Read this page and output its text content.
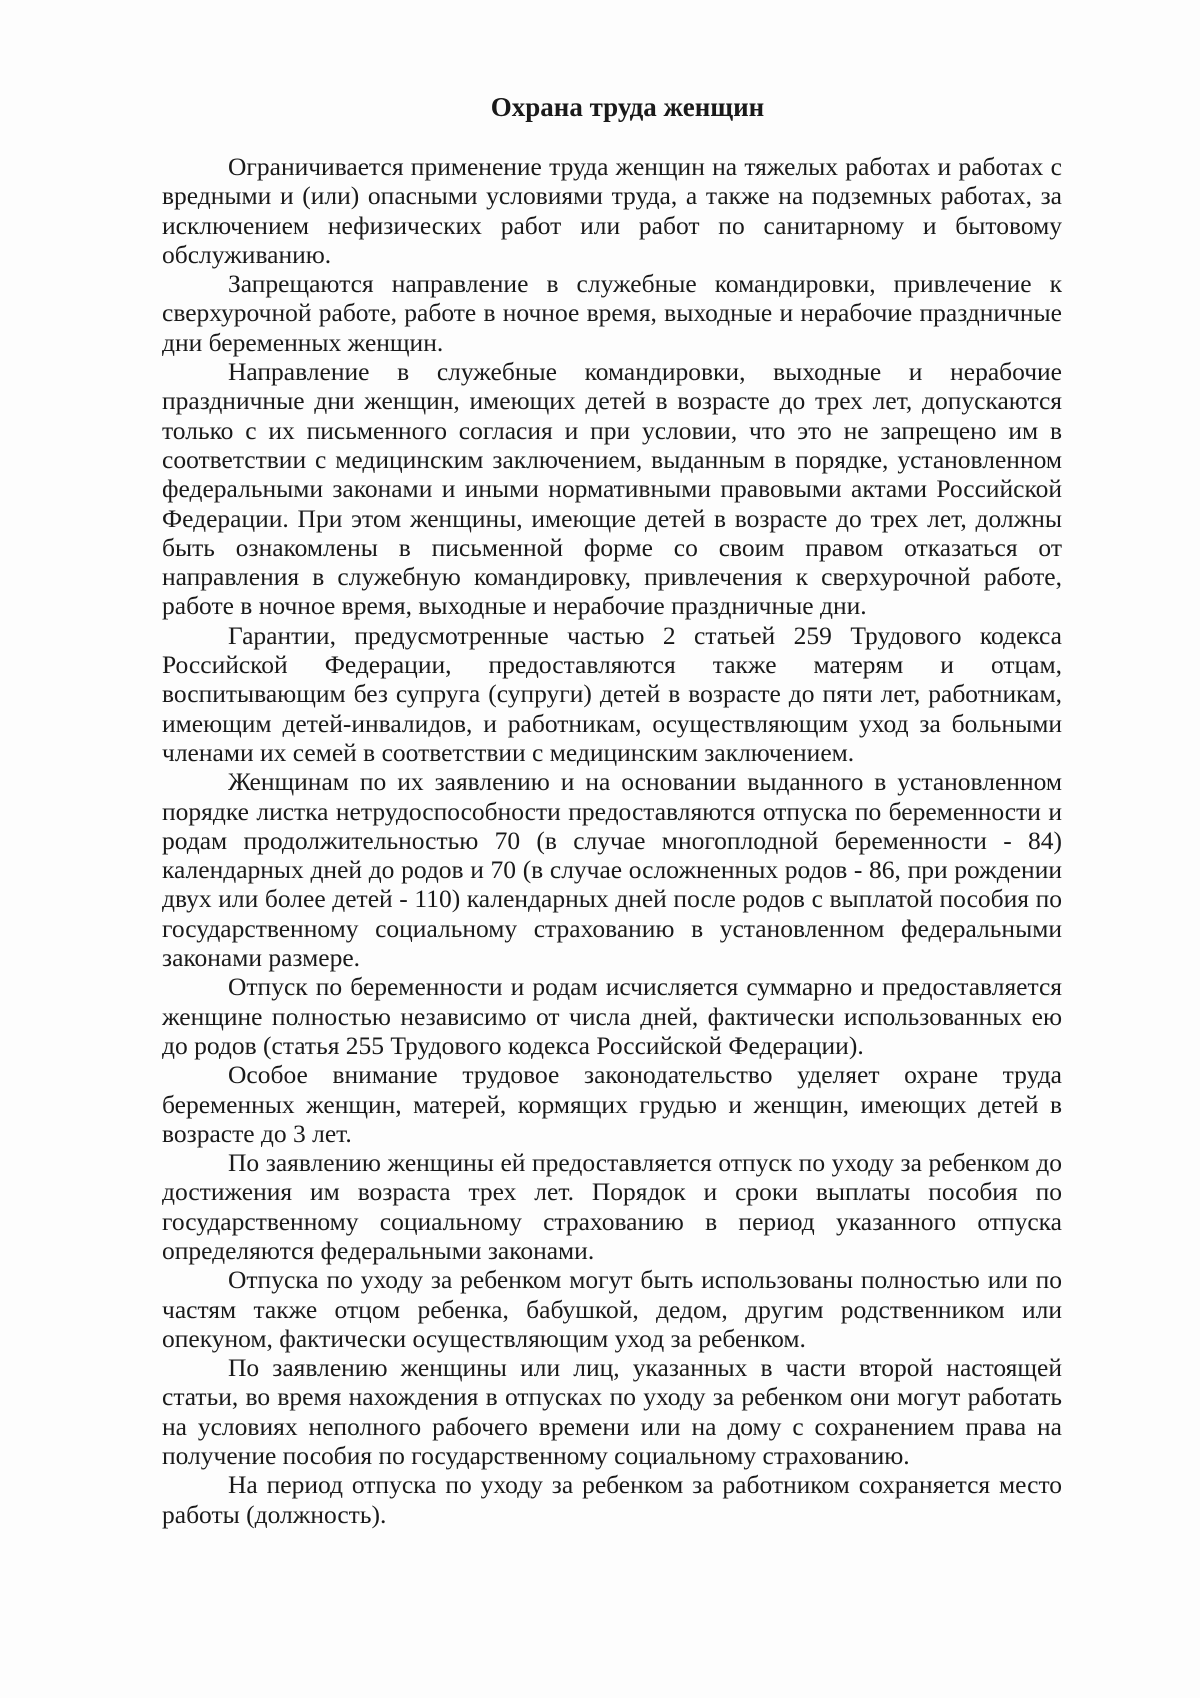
Охрана труда женщин

Ограничивается применение труда женщин на тяжелых работах и работах с вредными и (или) опасными условиями труда, а также на подземных работах, за исключением нефизических работ или работ по санитарному и бытовому обслуживанию.

Запрещаются направление в служебные командировки, привлечение к сверхурочной работе, работе в ночное время, выходные и нерабочие праздничные дни беременных женщин.

Направление в служебные командировки, выходные и нерабочие праздничные дни женщин, имеющих детей в возрасте до трех лет, допускаются только с их письменного согласия и при условии, что это не запрещено им в соответствии с медицинским заключением, выданным в порядке, установленном федеральными законами и иными нормативными правовыми актами Российской Федерации. При этом женщины, имеющие детей в возрасте до трех лет, должны быть ознакомлены в письменной форме со своим правом отказаться от направления в служебную командировку, привлечения к сверхурочной работе, работе в ночное время, выходные и нерабочие праздничные дни.

Гарантии, предусмотренные частью 2 статьей 259 Трудового кодекса Российской Федерации, предоставляются также матерям и отцам, воспитывающим без супруга (супруги) детей в возрасте до пяти лет, работникам, имеющим детей-инвалидов, и работникам, осуществляющим уход за больными членами их семей в соответствии с медицинским заключением.

Женщинам по их заявлению и на основании выданного в установленном порядке листка нетрудоспособности предоставляются отпуска по беременности и родам продолжительностью 70 (в случае многоплодной беременности - 84) календарных дней до родов и 70 (в случае осложненных родов - 86, при рождении двух или более детей - 110) календарных дней после родов с выплатой пособия по государственному социальному страхованию в установленном федеральными законами размере.

Отпуск по беременности и родам исчисляется суммарно и предоставляется женщине полностью независимо от числа дней, фактически использованных ею до родов (статья 255 Трудового кодекса Российской Федерации).

Особое внимание трудовое законодательство уделяет охране труда беременных женщин, матерей, кормящих грудью и женщин, имеющих детей в возрасте до 3 лет.

По заявлению женщины ей предоставляется отпуск по уходу за ребенком до достижения им возраста трех лет. Порядок и сроки выплаты пособия по государственному социальному страхованию в период указанного отпуска определяются федеральными законами.

Отпуска по уходу за ребенком могут быть использованы полностью или по частям также отцом ребенка, бабушкой, дедом, другим родственником или опекуном, фактически осуществляющим уход за ребенком.

По заявлению женщины или лиц, указанных в части второй настоящей статьи, во время нахождения в отпусках по уходу за ребенком они могут работать на условиях неполного рабочего времени или на дому с сохранением права на получение пособия по государственному социальному страхованию.

На период отпуска по уходу за ребенком за работником сохраняется место работы (должность).
